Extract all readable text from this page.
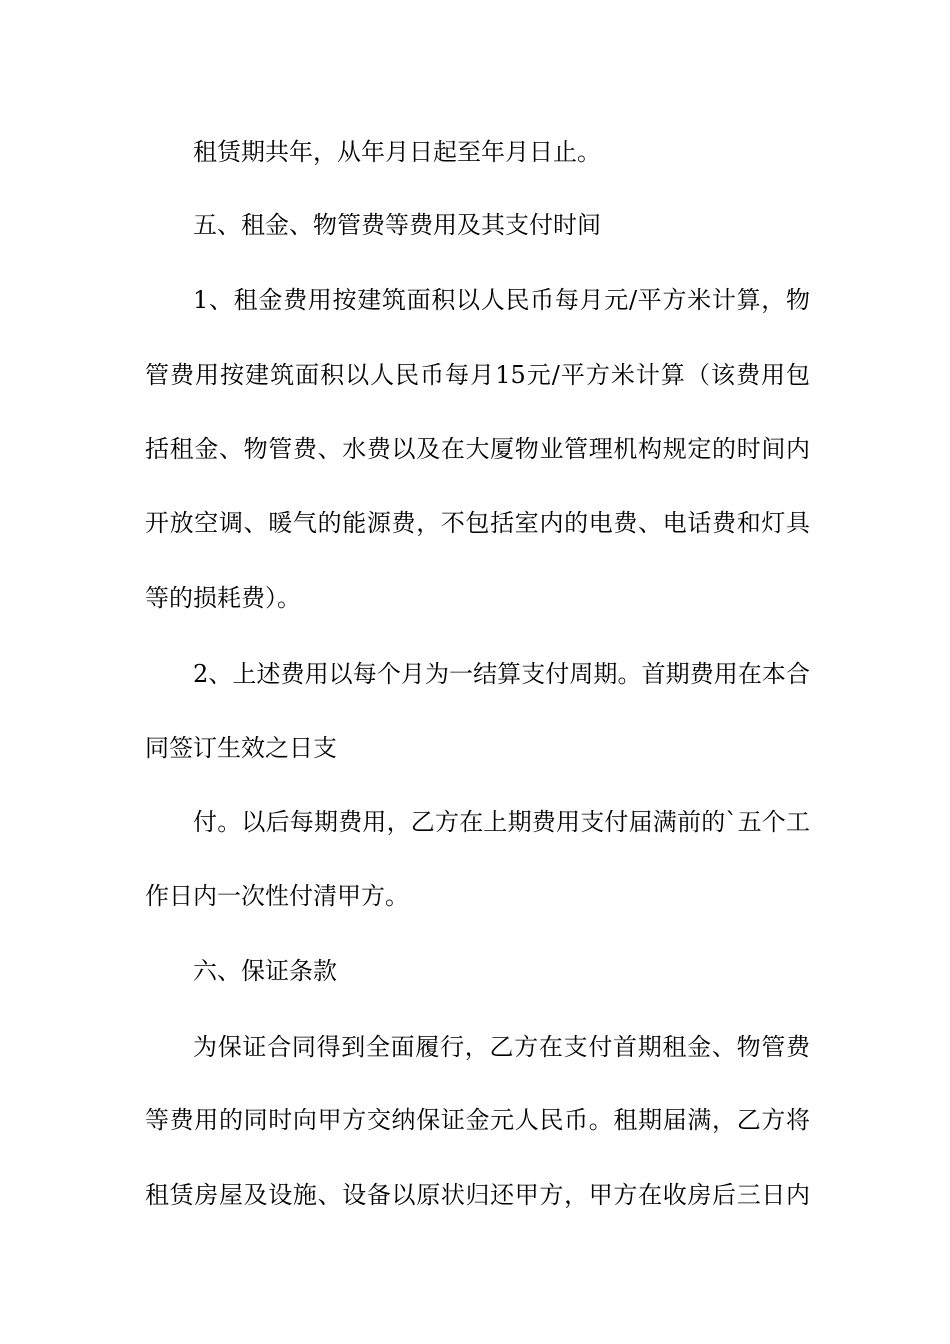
租赁期共年，从年月日起至年月日止。
五、租金、物管费等费用及其支付时间
1、租金费用按建筑面积以人民币每月元/平方米计算，物
管费用按建筑面积以人民币每月15元/平方米计算（该费用包
括租金、物管费、水费以及在大厦物业管理机构规定的时间内
开放空调、暖气的能源费，不包括室内的电费、电话费和灯具
等的损耗费）。
2、上述费用以每个月为一结算支付周期。首期费用在本合
同签订生效之日支
付。以后每期费用，乙方在上期费用支付届满前的`五个工
作日内一次性付清甲方。
六、保证条款
为保证合同得到全面履行，乙方在支付首期租金、物管费
等费用的同时向甲方交纳保证金元人民币。租期届满，乙方将
租赁房屋及设施、设备以原状归还甲方，甲方在收房后三日内
